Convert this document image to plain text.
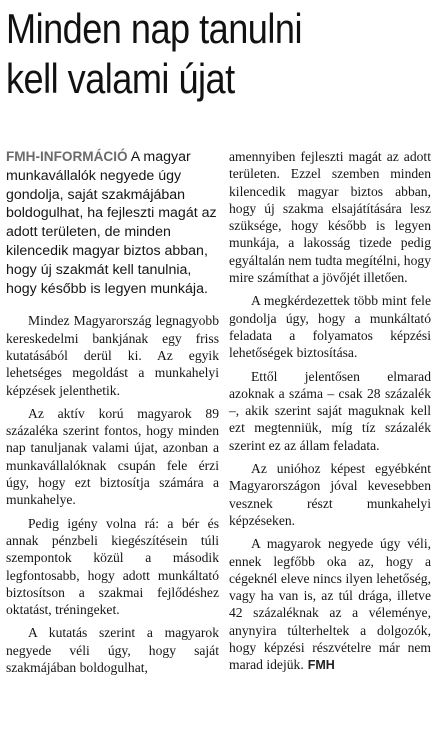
Minden nap tanulni
kell valami újat

FMH-INFORMÁCIÓ A magyar munkavállalók negyede úgy gondolja, saját szakmájában boldogulhat, ha fejleszti magát az adott területen, de minden kilencedik magyar biztos abban, hogy új szakmát kell tanulnia, hogy később is legyen munkája.

Mindez Magyarország legnagyobb kereskedelmi bankjának egy friss kutatásából derül ki. Az egyik lehetséges megoldást a munkahelyi képzések jelenthetik.

Az aktív korú magyarok 89 százaléka szerint fontos, hogy minden nap tanuljanak valami újat, azonban a munkavállalóknak csupán fele érzi úgy, hogy ezt biztosítja számára a munkahelye.

Pedig igény volna rá: a bér és annak pénzbeli kiegészítésein túli szempontok közül a második legfontosabb, hogy adott munkáltató biztosítson a szakmai fejlődéshez oktatást, tréningeket.

A kutatás szerint a magyarok negyede véli úgy, hogy saját szakmájában boldogulhat,

amennyiben fejleszti magát az adott területen. Ezzel szemben minden kilencedik magyar biztos abban, hogy új szakma elsajátítására lesz szüksége, hogy később is legyen munkája, a lakosság tizede pedig egyáltalán nem tudta megítélni, hogy mire számíthat a jövőjét illetően.

A megkérdezettek több mint fele gondolja úgy, hogy a munkáltató feladata a folyamatos képzési lehetőségek biztosítása.

Ettől jelentősen elmarad azoknak a száma – csak 28 százalék –, akik szerint saját maguknak kell ezt megtenniük, míg tíz százalék szerint ez az állam feladata.

Az unióhoz képest egyébként Magyarországon jóval kevesebben vesznek részt munkahelyi képzéseken.

A magyarok negyede úgy véli, ennek legfőbb oka az, hogy a cégeknél eleve nincs ilyen lehetőség, vagy ha van is, az túl drága, illetve 42 százaléknak az a véleménye, anynyira túlterheltek a dolgozók, hogy képzési részvételre már nem marad idejük. FMH
